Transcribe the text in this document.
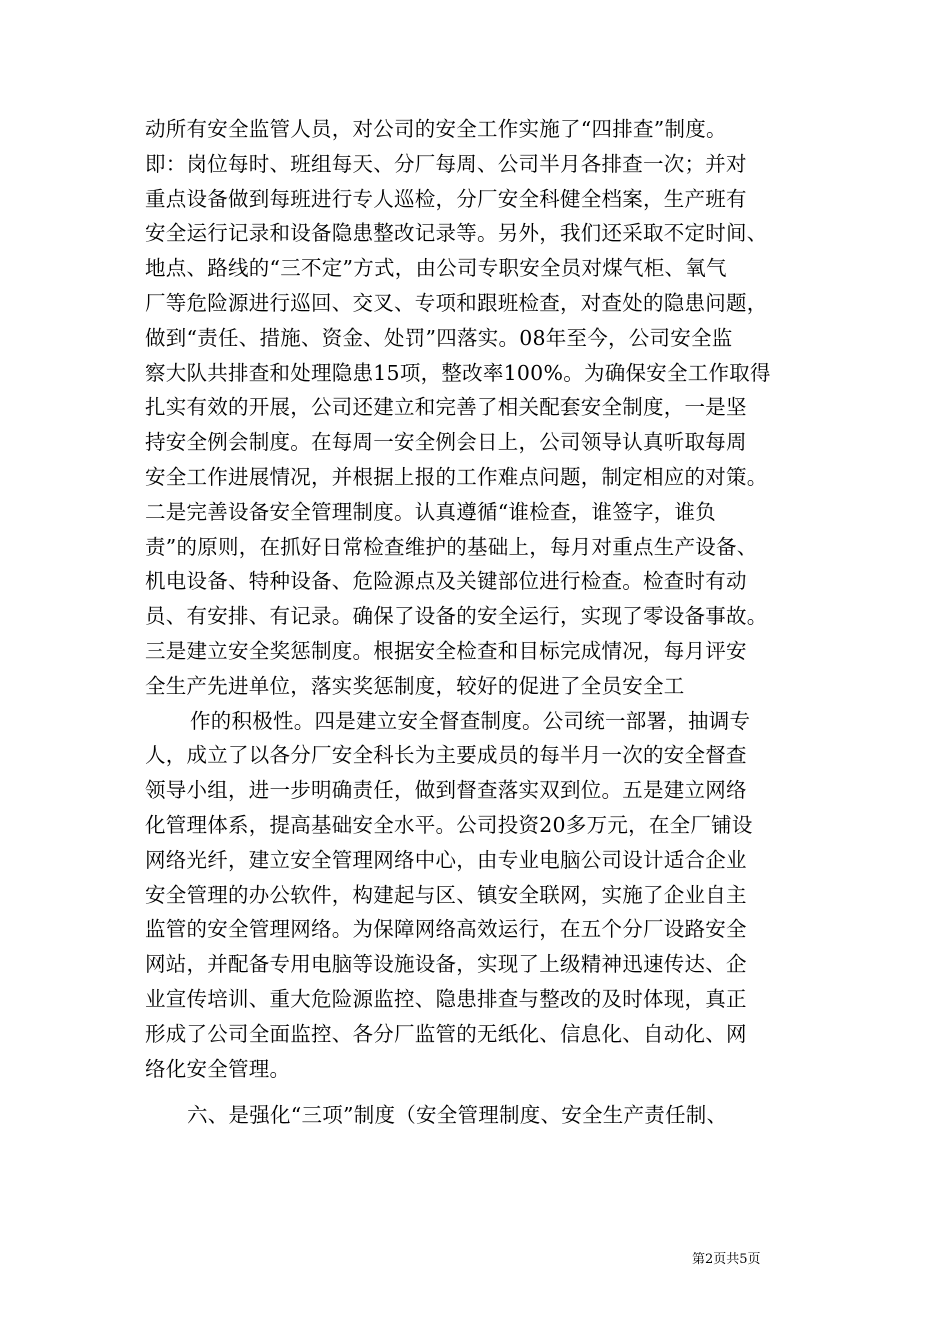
动所有安全监管人员，对公司的安全工作实施了“四排查”制度。
即：岗位每时、班组每天、分厂每周、公司半月各排查一次；并对
重点设备做到每班进行专人巡检，分厂安全科健全档案，生产班有
安全运行记录和设备隐患整改记录等。另外，我们还采取不定时间、
地点、路线的“三不定”方式，由公司专职安全员对煤气柜、氧气
厂等危险源进行巡回、交叉、专项和跟班检查，对查处的隐患问题，
做到“责任、措施、资金、处罚”四落实。08年至今，公司安全监
察大队共排查和处理隐患15项，整改率100%。为确保安全工作取得
扎实有效的开展，公司还建立和完善了相关配套安全制度，一是坚
持安全例会制度。在每周一安全例会日上，公司领导认真听取每周
安全工作进展情况，并根据上报的工作难点问题，制定相应的对策。
二是完善设备安全管理制度。认真遵循“谁检查，谁签字，谁负
责”的原则，在抓好日常检查维护的基础上，每月对重点生产设备、
机电设备、特种设备、危险源点及关键部位进行检查。检查时有动
员、有安排、有记录。确保了设备的安全运行，实现了零设备事故。
三是建立安全奖惩制度。根据安全检查和目标完成情况，每月评安
全生产先进单位，落实奖惩制度，较好的促进了全员安全工
作的积极性。四是建立安全督查制度。公司统一部署，抽调专
人，成立了以各分厂安全科长为主要成员的每半月一次的安全督查
领导小组，进一步明确责任，做到督查落实双到位。五是建立网络
化管理体系，提高基础安全水平。公司投资20多万元，在全厂铺设
网络光纤，建立安全管理网络中心，由专业电脑公司设计适合企业
安全管理的办公软件，构建起与区、镇安全联网，实施了企业自主
监管的安全管理网络。为保障网络高效运行，在五个分厂设路安全
网站，并配备专用电脑等设施设备，实现了上级精神迅速传达、企
业宣传培训、重大危险源监控、隐患排查与整改的及时体现，真正
形成了公司全面监控、各分厂监管的无纸化、信息化、自动化、网
络化安全管理。
六、是强化“三项”制度（安全管理制度、安全生产责任制、
第2页共5页
